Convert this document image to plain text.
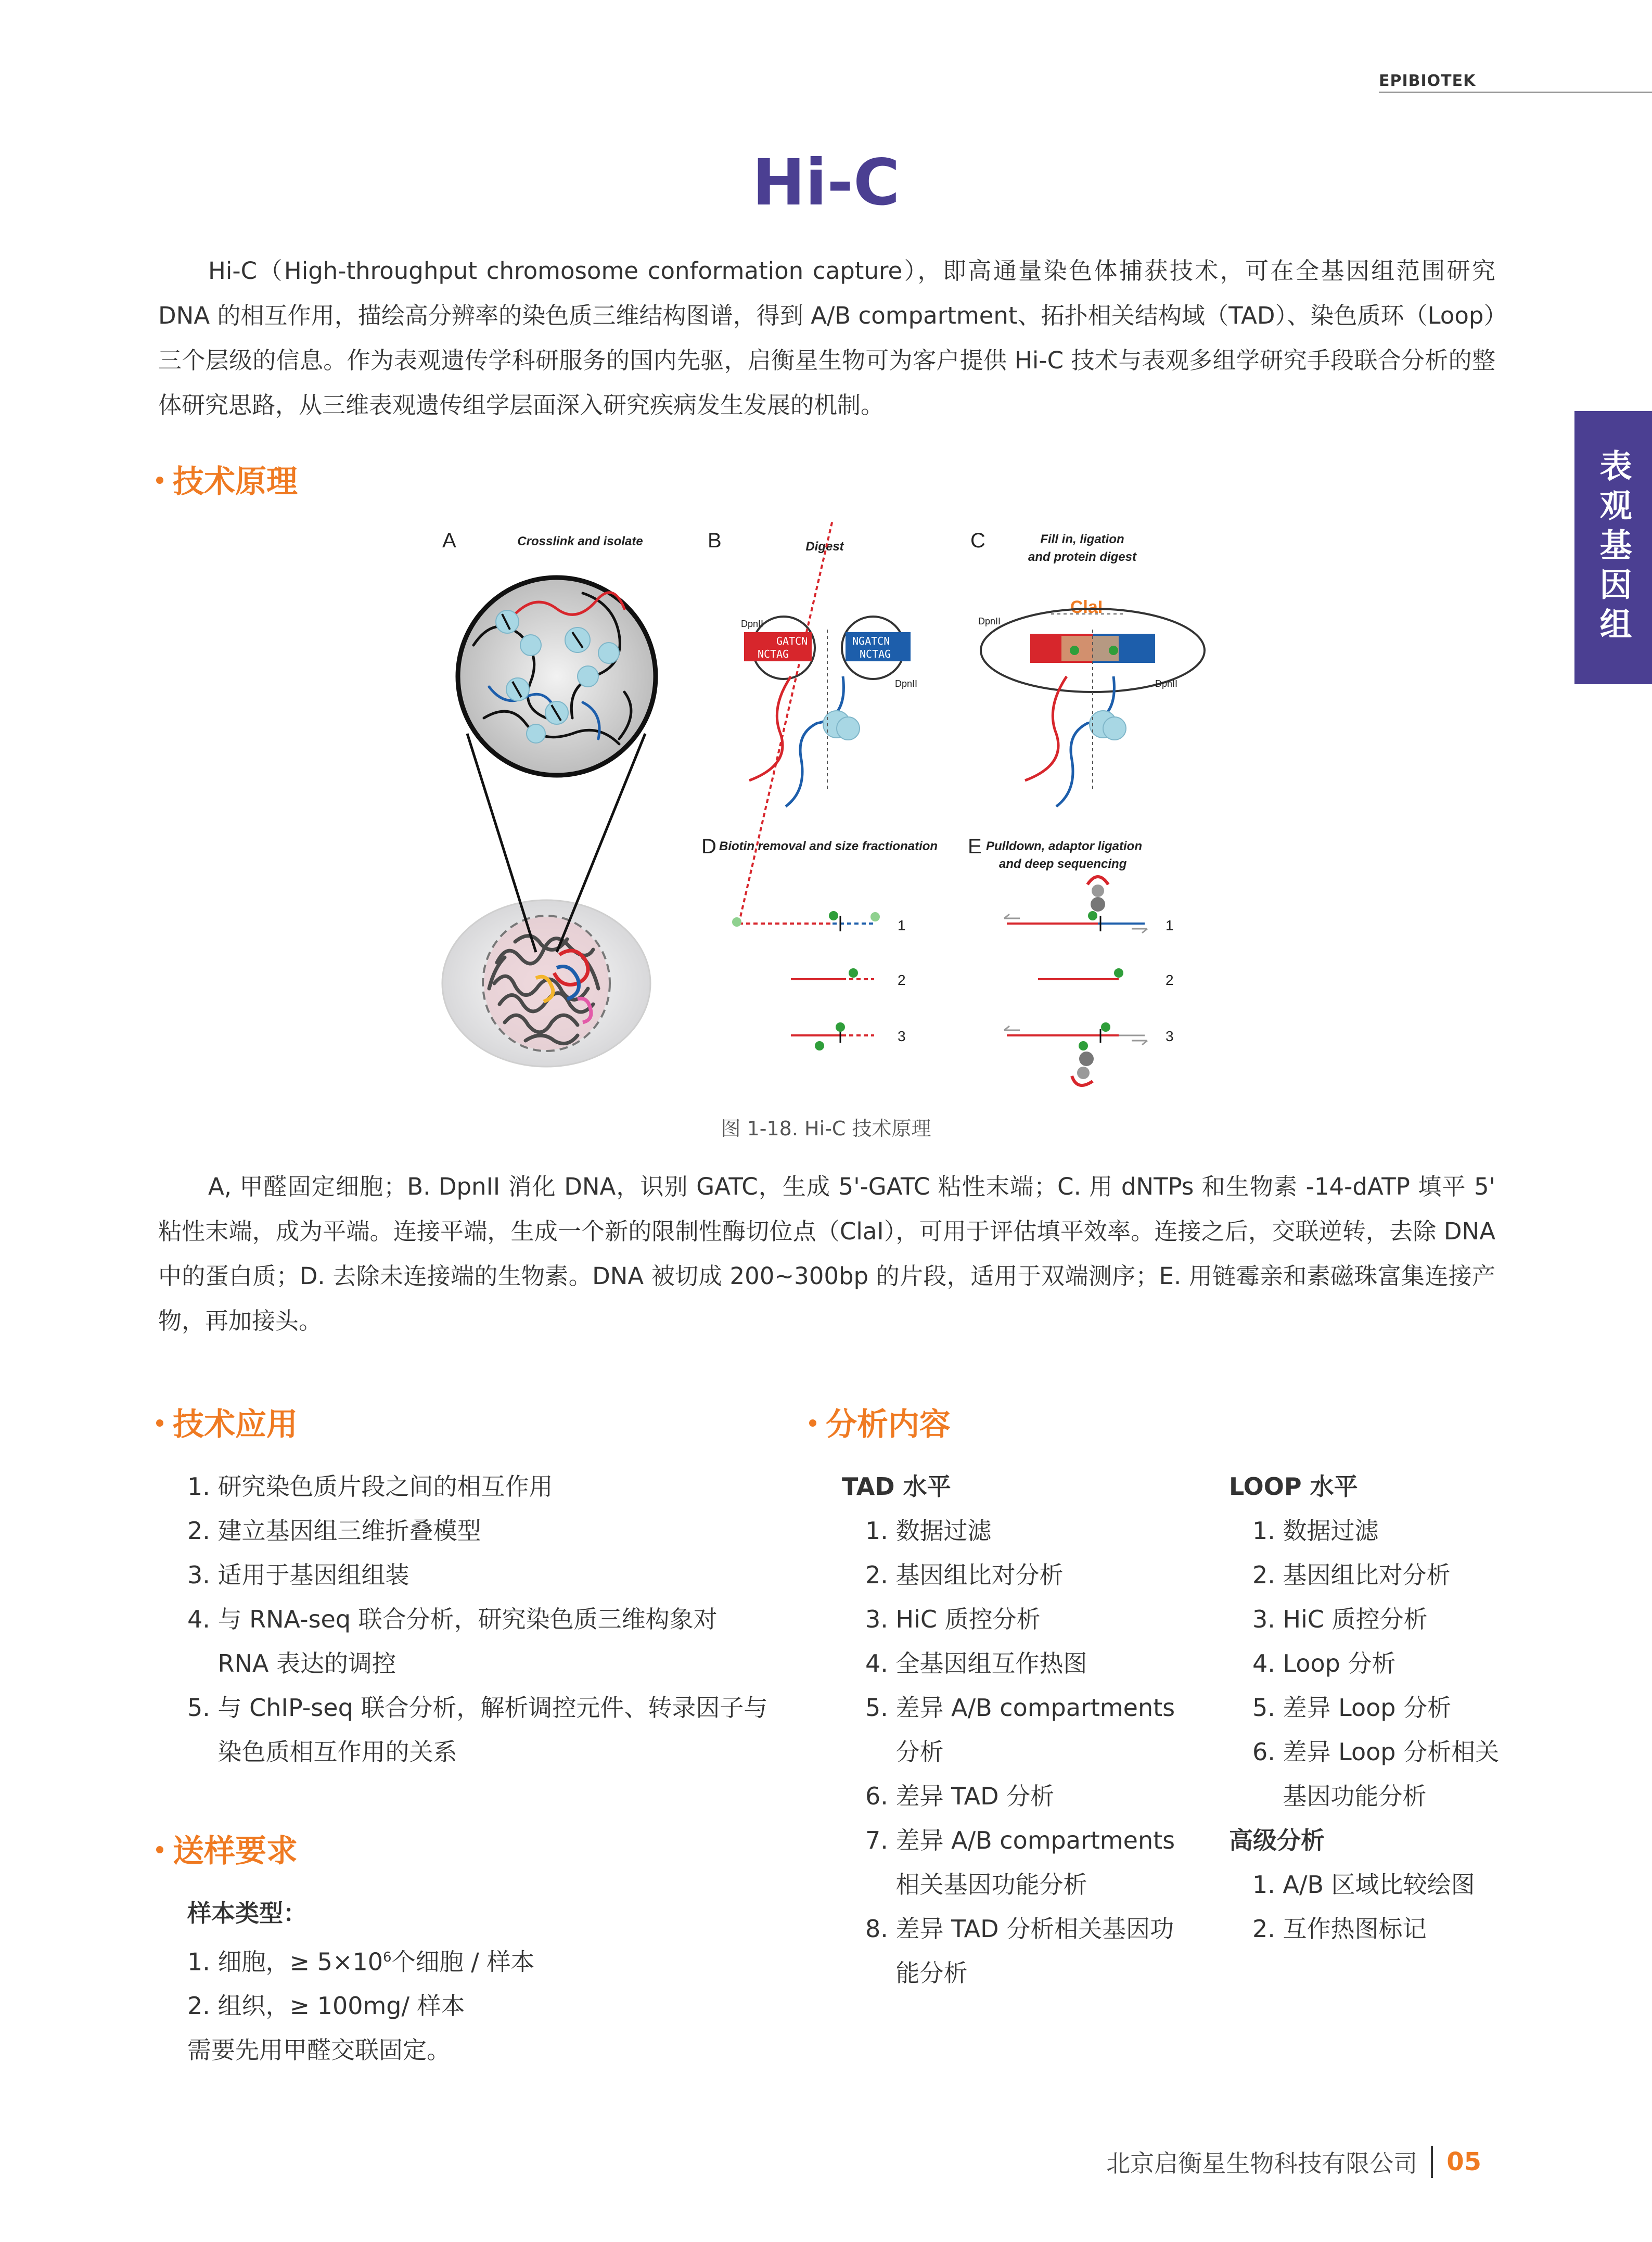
EPIBIOTEK
表观基因组
Hi-C

Hi-C（High-throughput chromosome conformation capture），即高通量染色体捕获技术，可在全基因组范围研究 DNA 的相互作用，描绘高分辨率的染色质三维结构图谱，得到 A/B compartment、拓扑相关结构域（TAD）、染色质环（Loop）三个层级的信息。作为表观遗传学科研服务的国内先驱，启衡星生物可为客户提供 Hi-C 技术与表观多组学研究手段联合分析的整体研究思路，从三维表观遗传组学层面深入研究疾病发生发展的机制。

技术原理
A	Crosslink and isolate	B	Digest
DpnII
GATCN
NCTAG
NGATCN
NCTAG
DpnII
C	Fill in, ligation
and protein digest
DpnII
ClaI
DpnII
D Biotin removal and size fractionation
1
2
3
E Pulldown, adaptor ligation
and deep sequencing
1
2
3
图 1-18. Hi-C 技术原理

A, 甲醛固定细胞；B. DpnII 消化 DNA，识别 GATC，生成 5'-GATC 粘性末端；C. 用 dNTPs 和生物素 -14-dATP 填平 5' 粘性末端，成为平端。连接平端，生成一个新的限制性酶切位点（ClaI），可用于评估填平效率。连接之后，交联逆转，去除 DNA 中的蛋白质；D. 去除未连接端的生物素。DNA 被切成 200~300bp 的片段，适用于双端测序；E. 用链霉亲和素磁珠富集连接产物，再加接头。

技术应用
1. 研究染色质片段之间的相互作用
2. 建立基因组三维折叠模型
3. 适用于基因组组装
4. 与 RNA-seq 联合分析，研究染色质三维构象对 RNA 表达的调控
5. 与 ChIP-seq 联合分析，解析调控元件、转录因子与染色质相互作用的关系
送样要求
样本类型：
1. 细胞，≥ $5\times 10^6$个细胞 / 样本
2. 组织，≥ 100mg/ 样本
需要先用甲醛交联固定。
分析内容
TAD 水平
1. 数据过滤
2. 基因组比对分析
3. HiC 质控分析
4. 全基因组互作热图
5. 差异 A/B compartments 分析
6. 差异 TAD 分析
7. 差异 A/B compartments 相关基因功能分析
8. 差异 TAD 分析相关基因功能分析
LOOP 水平
1. 数据过滤
2. 基因组比对分析
3. HiC 质控分析
4. Loop 分析
5. 差异 Loop 分析
6. 差异 Loop 分析相关基因功能分析
高级分析
1. A/B 区域比较绘图
2. 互作热图标记
北京启衡星生物科技有限公司 05
